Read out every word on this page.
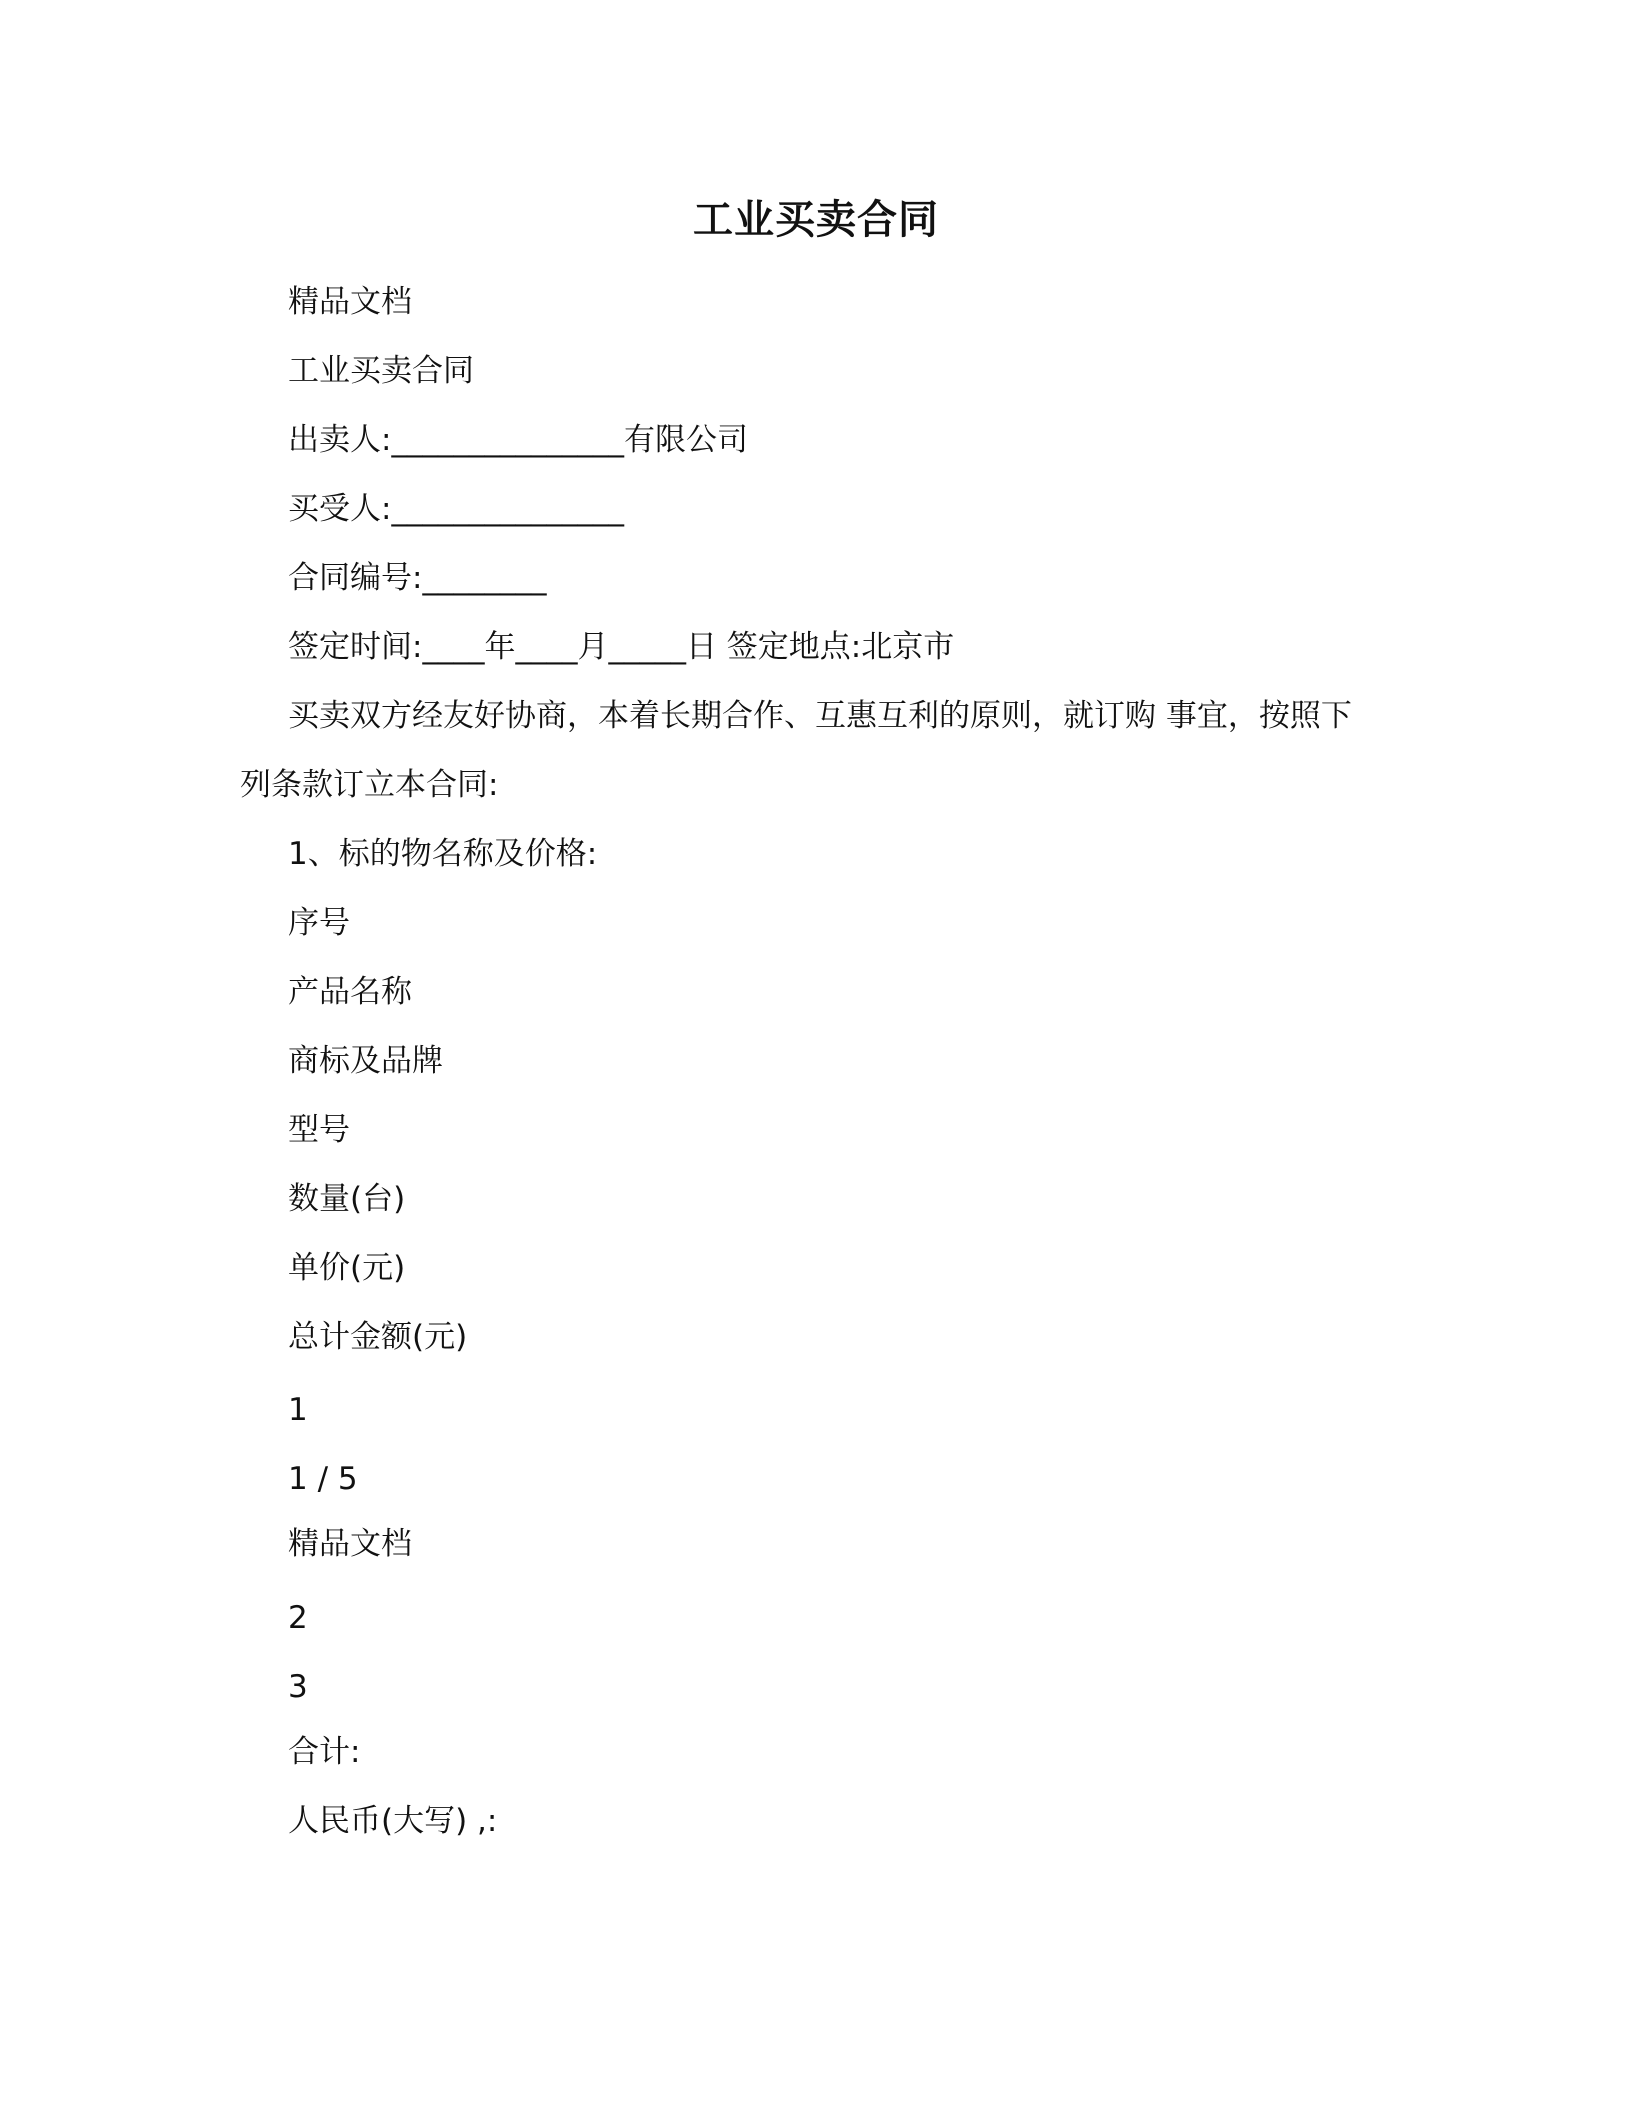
工业买卖合同
精品文档
工业买卖合同
出卖人:_______________有限公司
买受人:_______________
合同编号:________
签定时间:____年____月_____日 签定地点:北京市
买卖双方经友好协商，本着长期合作、互惠互利的原则，就订购 事宜，按照下
列条款订立本合同:
1、标的物名称及价格:
序号
产品名称
商标及品牌
型号
数量(台)
单价(元)
总计金额(元)
1
1 / 5
精品文档
2
3
合计:
人民币(大写) ,:
